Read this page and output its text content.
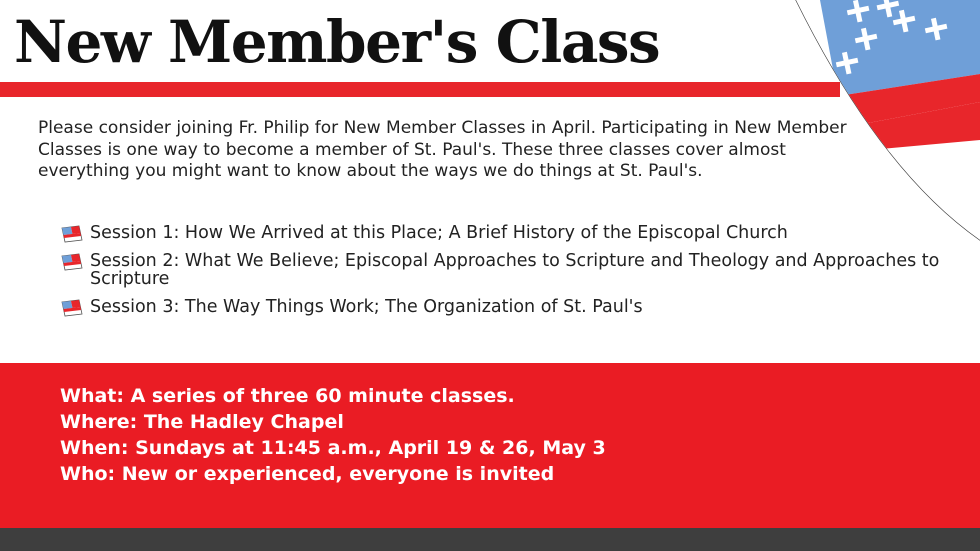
New Member's Class

Please consider joining Fr. Philip for New Member Classes in April. Participating in New Member Classes is one way to become a member of St. Paul's. These three classes cover almost everything you might want to know about the ways we do things at St. Paul's.

Session 1: How We Arrived at this Place; A Brief History of the Episcopal Church
Session 2: What We Believe; Episcopal Approaches to Scripture and Theology and Approaches to Scripture
Session 3: The Way Things Work; The Organization of St. Paul's
What: A series of three 60 minute classes.
Where: The Hadley Chapel
When: Sundays at 11:45 a.m., April 19 & 26, May 3
Who: New or experienced, everyone is invited
